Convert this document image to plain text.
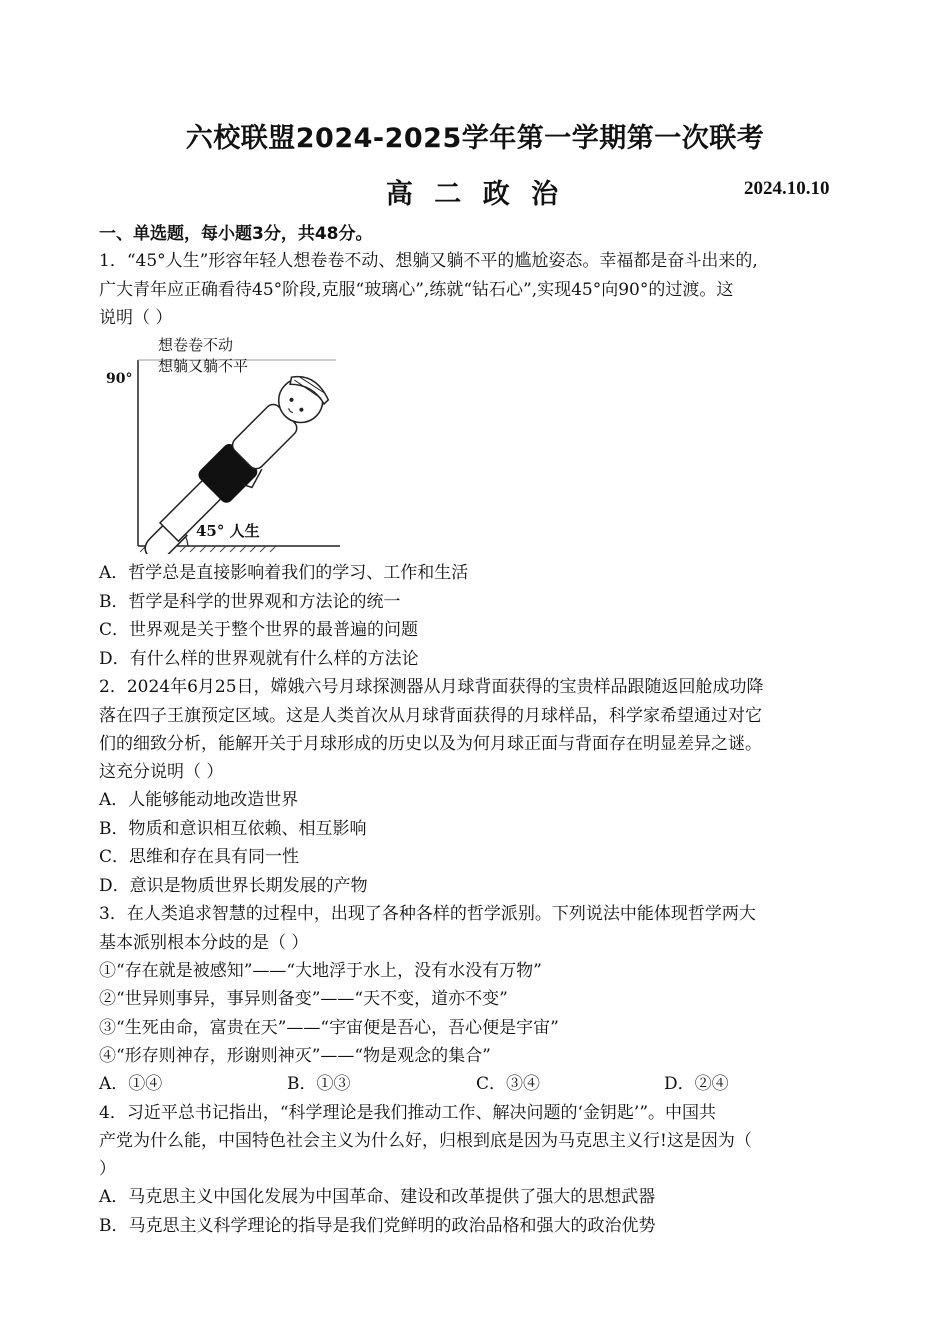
六校联盟2024-2025学年第一学期第一次联考
高 二 政 治	2024.10.10
一、单选题，每小题3分，共48分。
1．“45°人生”形容年轻人想卷卷不动、想躺又躺不平的尴尬姿态。幸福都是奋斗出来的,
广大青年应正确看待45°阶段,克服“玻璃心”,练就“钻石心”,实现45°向90°的过渡。这
说明（ ）
90°
想卷卷不动
想躺又躺不平
45° 人生
A．哲学总是直接影响着我们的学习、工作和生活
B．哲学是科学的世界观和方法论的统一
C．世界观是关于整个世界的最普遍的问题
D．有什么样的世界观就有什么样的方法论
2．2024年6月25日，嫦娥六号月球探测器从月球背面获得的宝贵样品跟随返回舱成功降
落在四子王旗预定区域。这是人类首次从月球背面获得的月球样品，科学家希望通过对它
们的细致分析，能解开关于月球形成的历史以及为何月球正面与背面存在明显差异之谜。
这充分说明（ ）
A．人能够能动地改造世界
B．物质和意识相互依赖、相互影响
C．思维和存在具有同一性
D．意识是物质世界长期发展的产物
3．在人类追求智慧的过程中，出现了各种各样的哲学派别。下列说法中能体现哲学两大
基本派别根本分歧的是（ ）
①“存在就是被感知”——“大地浮于水上，没有水没有万物”
②“世异则事异，事异则备变”——“天不变，道亦不变”
③“生死由命，富贵在天”——“宇宙便是吾心，吾心便是宇宙”
④“形存则神存，形谢则神灭”——“物是观念的集合”
A．①④	B．①③	C．③④	D．②④
4．习近平总书记指出，“科学理论是我们推动工作、解决问题的‘金钥匙’”。中国共
产党为什么能，中国特色社会主义为什么好，归根到底是因为马克思主义行!这是因为（
）
A．马克思主义中国化发展为中国革命、建设和改革提供了强大的思想武器
B．马克思主义科学理论的指导是我们党鲜明的政治品格和强大的政治优势
